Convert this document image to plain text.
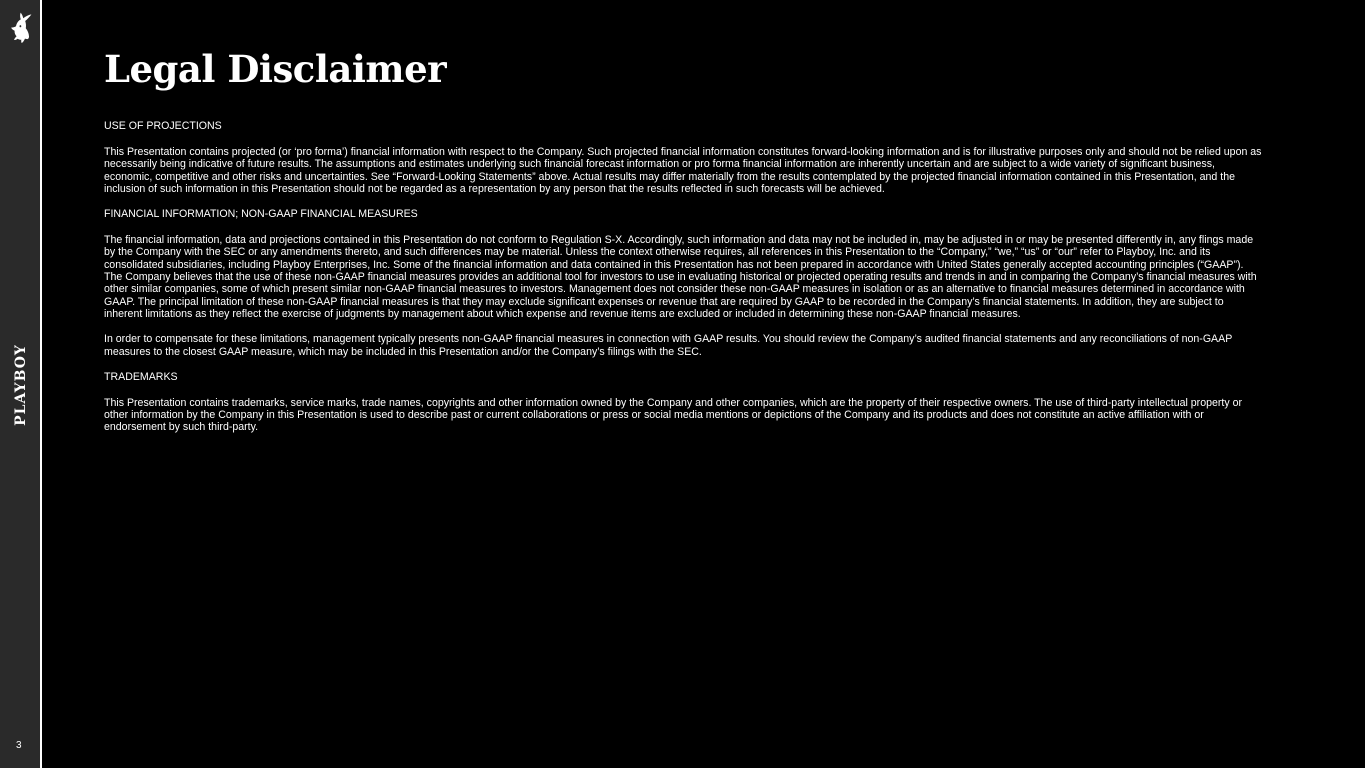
PLAYBOY
3
Legal Disclaimer
USE OF PROJECTIONS

This Presentation contains projected (or ‘pro forma’) financial information with respect to the Company. Such projected financial information constitutes forward-looking information and is for illustrative purposes only and should not be relied upon as necessarily being indicative of future results. The assumptions and estimates underlying such financial forecast information or pro forma financial information are inherently uncertain and are subject to a wide variety of significant business, economic, competitive and other risks and uncertainties. See “Forward-Looking Statements” above. Actual results may differ materially from the results contemplated by the projected financial information contained in this Presentation, and the inclusion of such information in this Presentation should not be regarded as a representation by any person that the results reflected in such forecasts will be achieved.

FINANCIAL INFORMATION; NON-GAAP FINANCIAL MEASURES

The financial information, data and projections contained in this Presentation do not conform to Regulation S-X. Accordingly, such information and data may not be included in, may be adjusted in or may be presented differently in, any flings made by the Company with the SEC or any amendments thereto, and such differences may be material. Unless the context otherwise requires, all references in this Presentation to the “Company,” “we,” “us” or “our” refer to Playboy, Inc. and its consolidated subsidiaries, including Playboy Enterprises, Inc. Some of the financial information and data contained in this Presentation has not been prepared in accordance with United States generally accepted accounting principles (“GAAP”). The Company believes that the use of these non-GAAP financial measures provides an additional tool for investors to use in evaluating historical or projected operating results and trends in and in comparing the Company’s financial measures with other similar companies, some of which present similar non-GAAP financial measures to investors. Management does not consider these non-GAAP measures in isolation or as an alternative to financial measures determined in accordance with GAAP. The principal limitation of these non-GAAP financial measures is that they may exclude significant expenses or revenue that are required by GAAP to be recorded in the Company’s financial statements. In addition, they are subject to inherent limitations as they reflect the exercise of judgments by management about which expense and revenue items are excluded or included in determining these non-GAAP financial measures.

In order to compensate for these limitations, management typically presents non-GAAP financial measures in connection with GAAP results. You should review the Company’s audited financial statements and any reconciliations of non-GAAP measures to the closest GAAP measure, which may be included in this Presentation and/or the Company’s filings with the SEC.

TRADEMARKS

This Presentation contains trademarks, service marks, trade names, copyrights and other information owned by the Company and other companies, which are the property of their respective owners. The use of third-party intellectual property or other information by the Company in this Presentation is used to describe past or current collaborations or press or social media mentions or depictions of the Company and its products and does not constitute an active affiliation with or endorsement by such third-party.
